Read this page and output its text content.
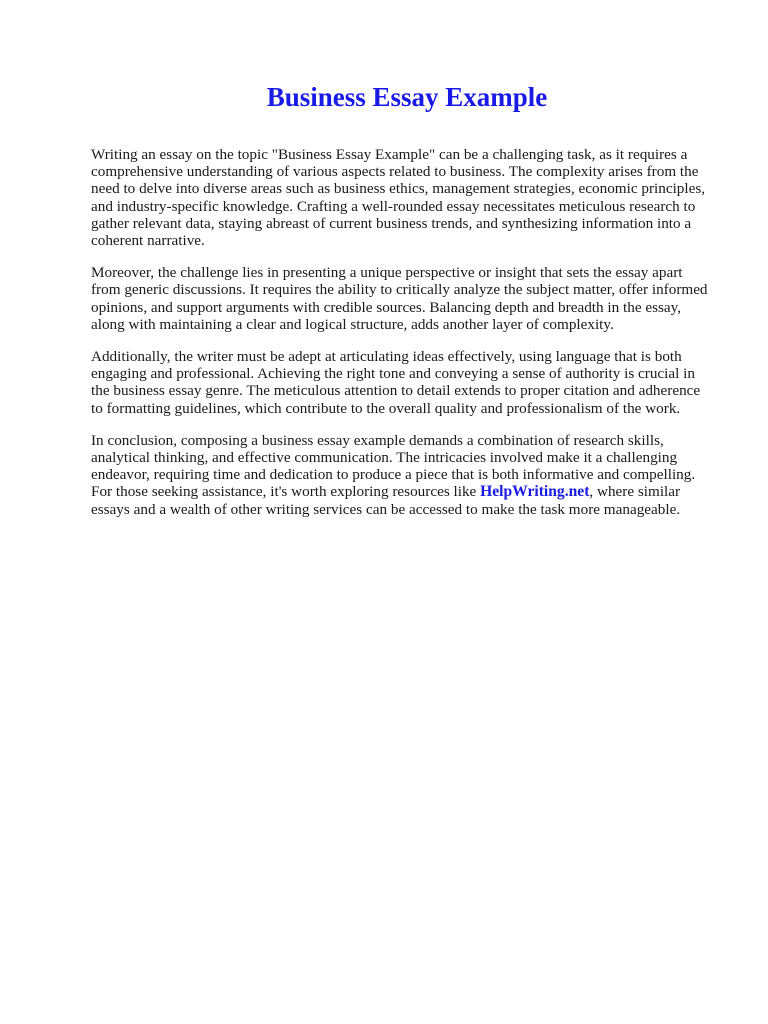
Business Essay Example

Writing an essay on the topic "Business Essay Example" can be a challenging task, as it requires a
comprehensive understanding of various aspects related to business. The complexity arises from the
need to delve into diverse areas such as business ethics, management strategies, economic principles,
and industry-specific knowledge. Crafting a well-rounded essay necessitates meticulous research to
gather relevant data, staying abreast of current business trends, and synthesizing information into a
coherent narrative.

Moreover, the challenge lies in presenting a unique perspective or insight that sets the essay apart
from generic discussions. It requires the ability to critically analyze the subject matter, offer informed
opinions, and support arguments with credible sources. Balancing depth and breadth in the essay,
along with maintaining a clear and logical structure, adds another layer of complexity.

Additionally, the writer must be adept at articulating ideas effectively, using language that is both
engaging and professional. Achieving the right tone and conveying a sense of authority is crucial in
the business essay genre. The meticulous attention to detail extends to proper citation and adherence
to formatting guidelines, which contribute to the overall quality and professionalism of the work.

In conclusion, composing a business essay example demands a combination of research skills,
analytical thinking, and effective communication. The intricacies involved make it a challenging
endeavor, requiring time and dedication to produce a piece that is both informative and compelling.
For those seeking assistance, it's worth exploring resources like HelpWriting.net, where similar
essays and a wealth of other writing services can be accessed to make the task more manageable.
